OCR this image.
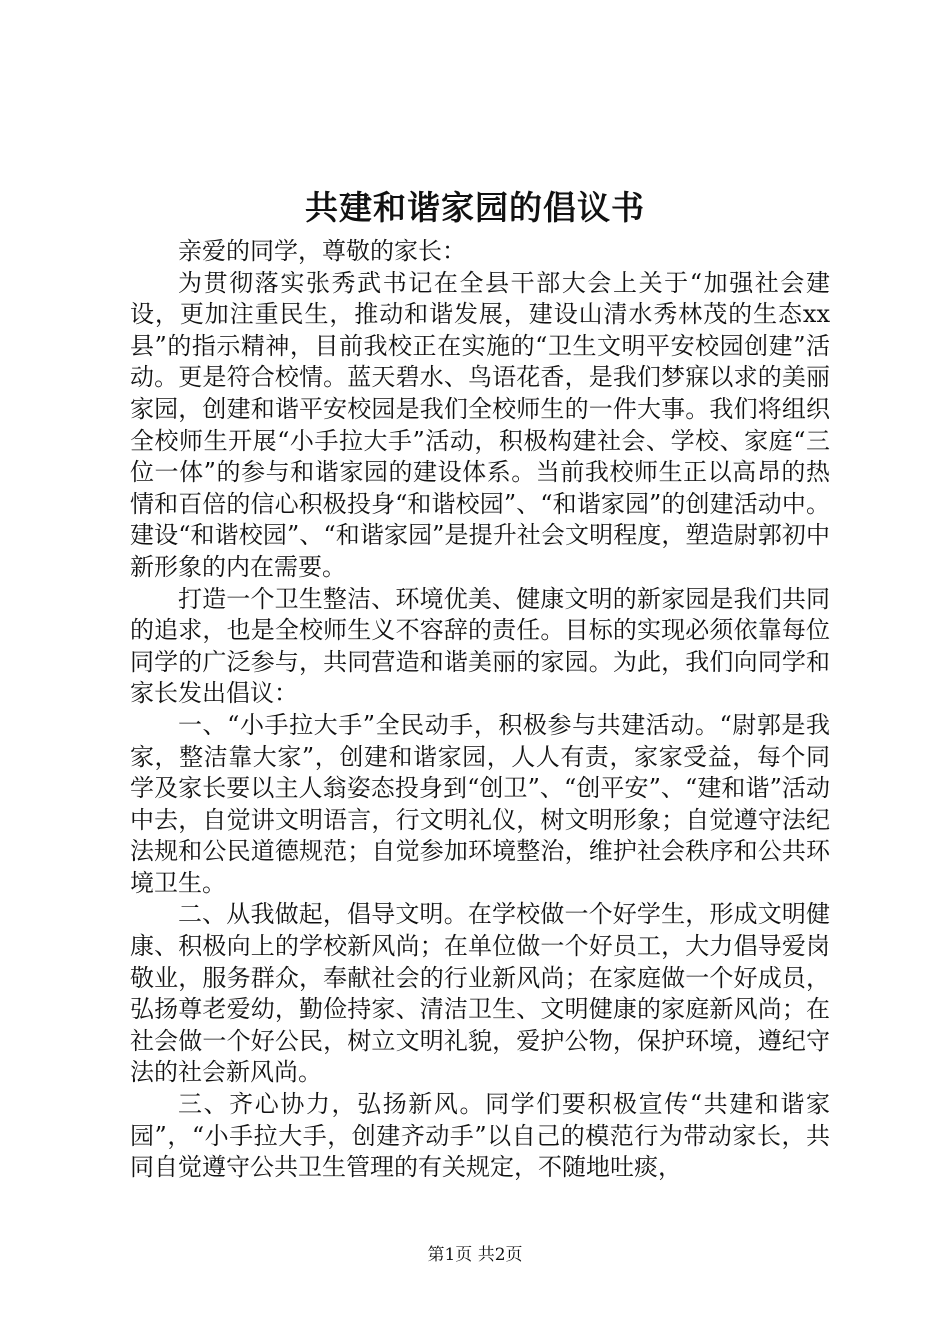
共建和谐家园的倡议书

亲爱的同学，尊敬的家长：

为贯彻落实张秀武书记在全县干部大会上关于“加强社会建设，更加注重民生，推动和谐发展，建设山清水秀林茂的生态xx县”的指示精神，目前我校正在实施的“卫生文明平安校园创建”活动。更是符合校情。蓝天碧水、鸟语花香，是我们梦寐以求的美丽家园，创建和谐平安校园是我们全校师生的一件大事。我们将组织全校师生开展“小手拉大手”活动，积极构建社会、学校、家庭“三位一体”的参与和谐家园的建设体系。当前我校师生正以高昂的热情和百倍的信心积极投身“和谐校园”、“和谐家园”的创建活动中。建设“和谐校园”、“和谐家园”是提升社会文明程度，塑造尉郭初中新形象的内在需要。

打造一个卫生整洁、环境优美、健康文明的新家园是我们共同的追求，也是全校师生义不容辞的责任。目标的实现必须依靠每位同学的广泛参与，共同营造和谐美丽的家园。为此，我们向同学和家长发出倡议：

一、“小手拉大手”全民动手，积极参与共建活动。“尉郭是我家，整洁靠大家”，创建和谐家园，人人有责，家家受益，每个同学及家长要以主人翁姿态投身到“创卫”、“创平安”、“建和谐”活动中去，自觉讲文明语言，行文明礼仪，树文明形象；自觉遵守法纪法规和公民道德规范；自觉参加环境整治，维护社会秩序和公共环境卫生。

二、从我做起，倡导文明。在学校做一个好学生，形成文明健康、积极向上的学校新风尚；在单位做一个好员工，大力倡导爱岗敬业，服务群众，奉献社会的行业新风尚；在家庭做一个好成员，弘扬尊老爱幼，勤俭持家、清洁卫生、文明健康的家庭新风尚；在社会做一个好公民，树立文明礼貌，爱护公物，保护环境，遵纪守法的社会新风尚。

三、齐心协力，弘扬新风。同学们要积极宣传“共建和谐家园”，“小手拉大手，创建齐动手”以自己的模范行为带动家长，共同自觉遵守公共卫生管理的有关规定，不随地吐痰，

第1页 共2页
